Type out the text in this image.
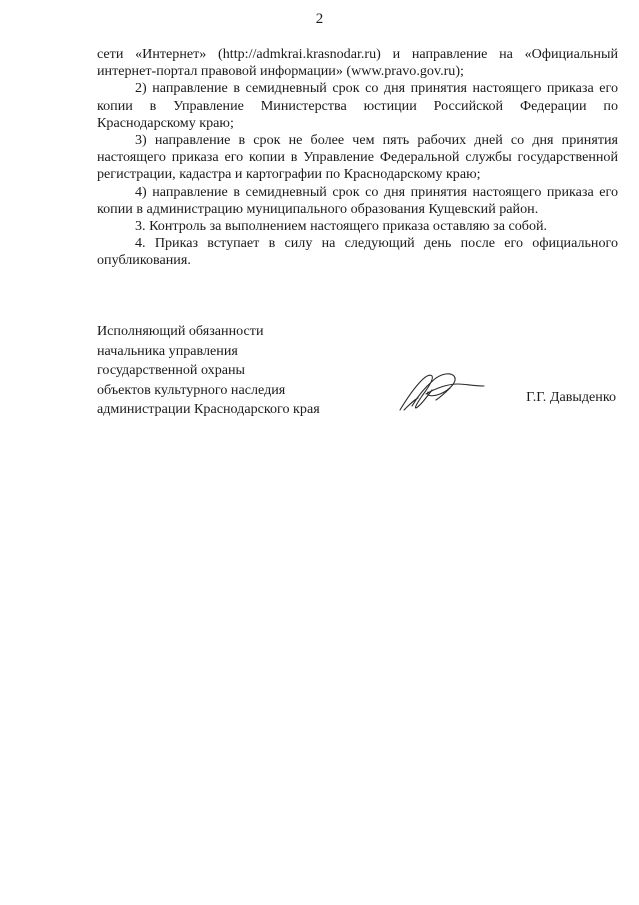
2

сети «Интернет» (http://admkrai.krasnodar.ru) и направление на «Официальный интернет-портал правовой информации» (www.pravo.gov.ru);

2) направление в семидневный срок со дня принятия настоящего приказа его копии в Управление Министерства юстиции Российской Федерации по Краснодарскому краю;

3) направление в срок не более чем пять рабочих дней со дня принятия настоящего приказа его копии в Управление Федеральной службы государственной регистрации, кадастра и картографии по Краснодарскому краю;

4) направление в семидневный срок со дня принятия настоящего приказа его копии в администрацию муниципального образования Кущевский район.

3. Контроль за выполнением настоящего приказа оставляю за собой.

4. Приказ вступает в силу на следующий день после его официального опубликования.

Исполняющий обязанности
начальника управления
государственной охраны
объектов культурного наследия
администрации Краснодарского края
Г.Г. Давыденко
